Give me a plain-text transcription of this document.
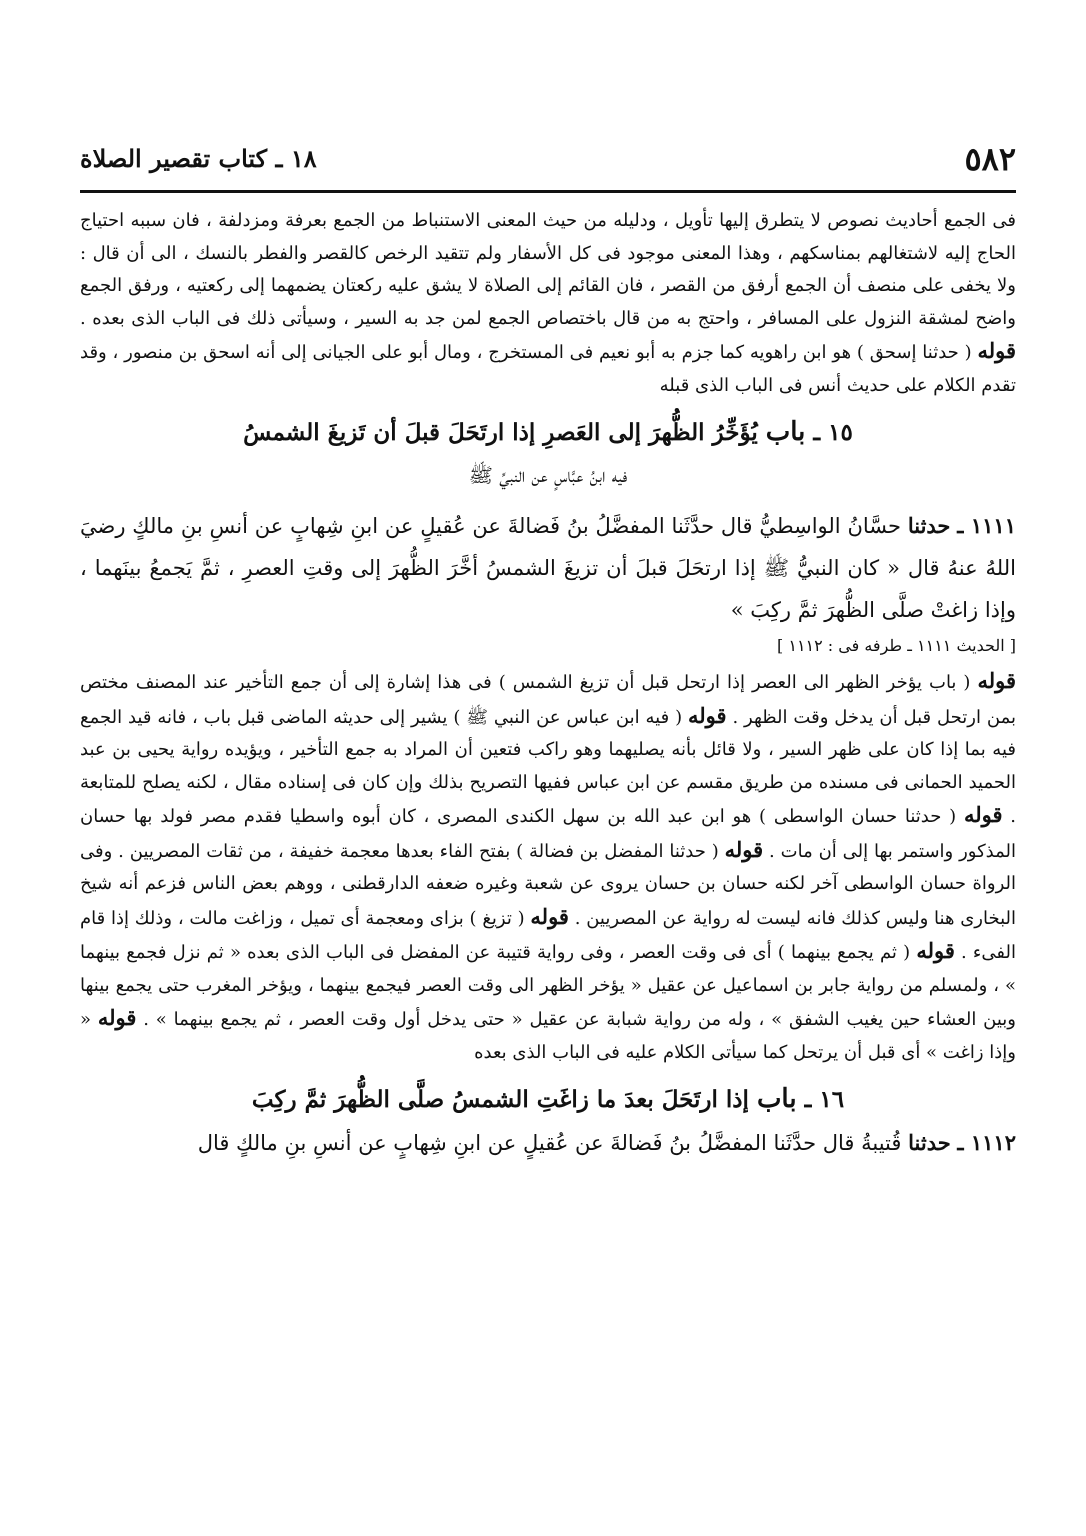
٥٨٢
١٨ ـ كتاب تقصير الصلاة

فى الجمع أحاديث نصوص لا يتطرق إليها تأويل ، ودليله من حيث المعنى الاستنباط من الجمع بعرفة ومزدلفة ، فان سببه احتياج الحاج إليه لاشتغالهم بمناسكهم ، وهذا المعنى موجود فى كل الأسفار ولم تتقيد الرخص كالقصر والفطر بالنسك ، الى أن قال : ولا يخفى على منصف أن الجمع أرفق من القصر ، فان القائم إلى الصلاة لا يشق عليه ركعتان يضمهما إلى ركعتيه ، ورفق الجمع واضح لمشقة النزول على المسافر ، واحتج به من قال باختصاص الجمع لمن جد به السير ، وسيأتى ذلك فى الباب الذى بعده . قوله ( حدثنا إسحق ) هو ابن راهويه كما جزم به أبو نعيم فى المستخرج ، ومال أبو على الجيانى إلى أنه اسحق بن منصور ، وقد تقدم الكلام على حديث أنس فى الباب الذى قبله

١٥ ـ باب يُؤَخِّرُ الظُّهرَ إلى العَصرِ إذا ارتَحَلَ قبلَ أن تَزيغَ الشمسُ
فيه ابنُ عبَّاسٍ عن النبيِّ ﷺ

١١١١ ـ حدثنا حسَّانُ الواسِطيُّ قال حدَّثَنا المفضَّلُ بنُ فَضالةَ عن عُقيلٍ عن ابنِ شِهابٍ عن أنسِ بنِ مالكٍ رضيَ اللهُ عنهُ قال « كان النبيُّ ﷺ إذا ارتحَلَ قبلَ أن تزيغَ الشمسُ أخَّرَ الظُّهرَ إلى وقتِ العصرِ ، ثمَّ يَجمعُ بينَهما ، وإذا زاغتْ صلَّى الظُّهرَ ثمَّ ركِبَ »

[ الحديث ١١١١ ـ طرفه فى : ١١١٢ ]

قوله ( باب يؤخر الظهر الى العصر إذا ارتحل قبل أن تزيغ الشمس ) فى هذا إشارة إلى أن جمع التأخير عند المصنف مختص بمن ارتحل قبل أن يدخل وقت الظهر . قوله ( فيه ابن عباس عن النبي ﷺ ) يشير إلى حديثه الماضى قبل باب ، فانه قيد الجمع فيه بما إذا كان على ظهر السير ، ولا قائل بأنه يصليهما وهو راكب فتعين أن المراد به جمع التأخير ، ويؤيده رواية يحيى بن عبد الحميد الحمانى فى مسنده من طريق مقسم عن ابن عباس ففيها التصريح بذلك وإن كان فى إسناده مقال ، لكنه يصلح للمتابعة . قوله ( حدثنا حسان الواسطى ) هو ابن عبد الله بن سهل الكندى المصرى ، كان أبوه واسطيا فقدم مصر فولد بها حسان المذكور واستمر بها إلى أن مات . قوله ( حدثنا المفضل بن فضالة ) بفتح الفاء بعدها معجمة خفيفة ، من ثقات المصريين . وفى الرواة حسان الواسطى آخر لكنه حسان بن حسان يروى عن شعبة وغيره ضعفه الدارقطنى ، ووهم بعض الناس فزعم أنه شيخ البخارى هنا وليس كذلك فانه ليست له رواية عن المصريين . قوله ( تزيغ ) بزاى ومعجمة أى تميل ، وزاغت مالت ، وذلك إذا قام الفىء . قوله ( ثم يجمع بينهما ) أى فى وقت العصر ، وفى رواية قتيبة عن المفضل فى الباب الذى بعده « ثم نزل فجمع بينهما » ، ولمسلم من رواية جابر بن اسماعيل عن عقيل « يؤخر الظهر الى وقت العصر فيجمع بينهما ، ويؤخر المغرب حتى يجمع بينها وبين العشاء حين يغيب الشفق » ، وله من رواية شبابة عن عقيل « حتى يدخل أول وقت العصر ، ثم يجمع بينهما » . قوله « وإذا زاغت » أى قبل أن يرتحل كما سيأتى الكلام عليه فى الباب الذى بعده

١٦ ـ باب إذا ارتَحَلَ بعدَ ما زاغَتِ الشمسُ صلَّى الظُّهرَ ثمَّ ركِبَ

١١١٢ ـ حدثنا قُتيبةُ قال حدَّثَنا المفضَّلُ بنُ فَضالةَ عن عُقيلٍ عن ابنِ شِهابٍ عن أنسِ بنِ مالكٍ قال
